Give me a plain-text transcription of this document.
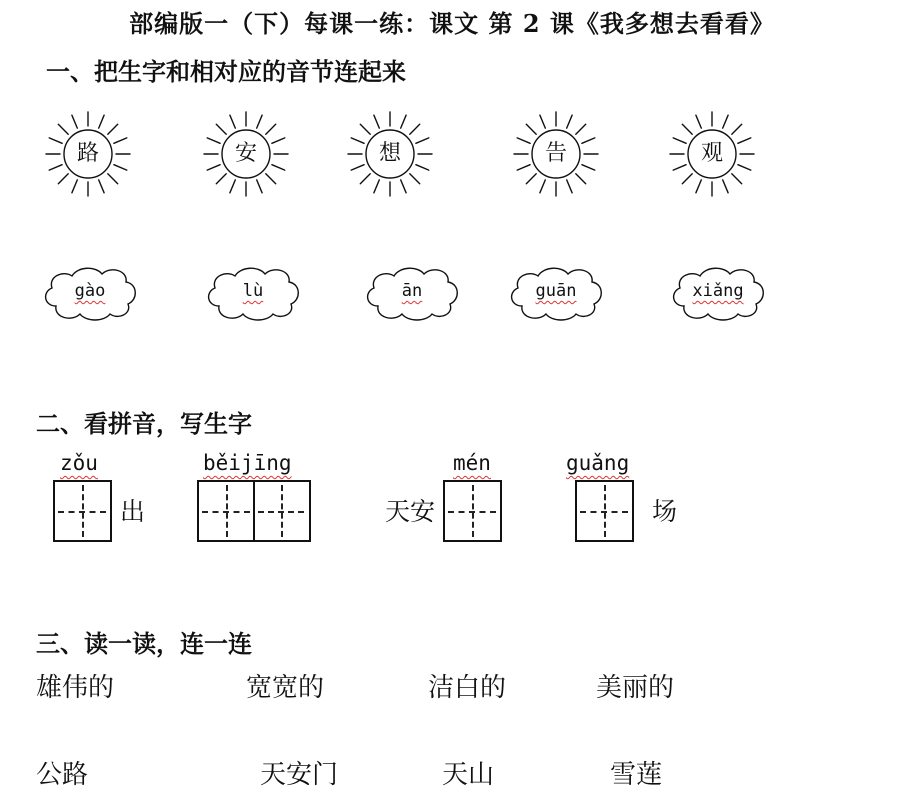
部编版一（下）每课一练：课文 第 2 课《我多想去看看》
一、把生字和相对应的音节连起来
路	安	想	告	观
gào	lù	ān	guān	xiǎng
二、看拼音，写生字
zǒu
出
běijīng
天安
mén	guǎng
场
三、读一读，连一连
雄伟的	宽宽的	洁白的	美丽的
公路	天安门	天山	雪莲
